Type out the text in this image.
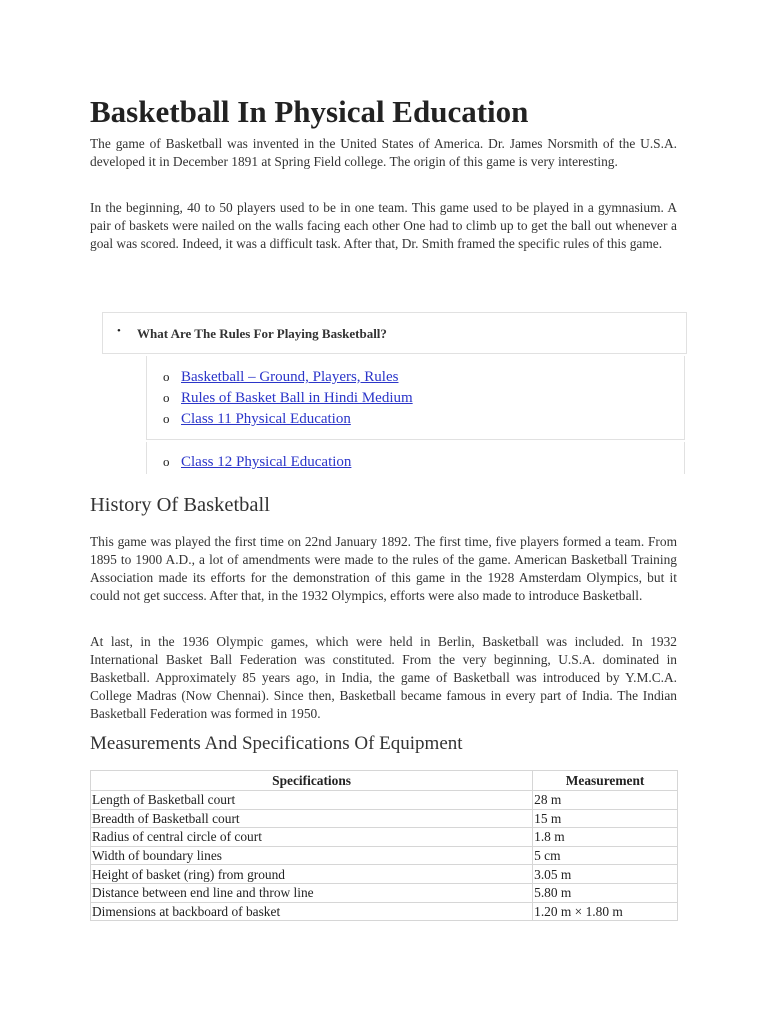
Basketball In Physical Education

The game of Basketball was invented in the United States of America. Dr. James Norsmith of the U.S.A. developed it in December 1891 at Spring Field college. The origin of this game is very interesting.

In the beginning, 40 to 50 players used to be in one team. This game used to be played in a gymnasium. A pair of baskets were nailed on the walls facing each other One had to climb up to get the ball out whenever a goal was scored. Indeed, it was a difficult task. After that, Dr. Smith framed the specific rules of this game.

• What Are The Rules For Playing Basketball?
o Basketball – Ground, Players, Rules
o Rules of Basket Ball in Hindi Medium
o Class 11 Physical Education
o Class 12 Physical Education
History Of Basketball

This game was played the first time on 22nd January 1892. The first time, five players formed a team. From 1895 to 1900 A.D., a lot of amendments were made to the rules of the game. American Basketball Training Association made its efforts for the demonstration of this game in the 1928 Amsterdam Olympics, but it could not get success. After that, in the 1932 Olympics, efforts were also made to introduce Basketball.

At last, in the 1936 Olympic games, which were held in Berlin, Basketball was included. In 1932 International Basket Ball Federation was constituted. From the very beginning, U.S.A. dominated in Basketball. Approximately 85 years ago, in India, the game of Basketball was introduced by Y.M.C.A. College Madras (Now Chennai). Since then, Basketball became famous in every part of India. The Indian Basketball Federation was formed in 1950.

Measurements And Specifications Of Equipment
Specifications	Measurement
Length of Basketball court	28 m
Breadth of Basketball court	15 m
Radius of central circle of court	1.8 m
Width of boundary lines	5 cm
Height of basket (ring) from ground	3.05 m
Distance between end line and throw line	5.80 m
Dimensions at backboard of basket	1.20 m × 1.80 m
